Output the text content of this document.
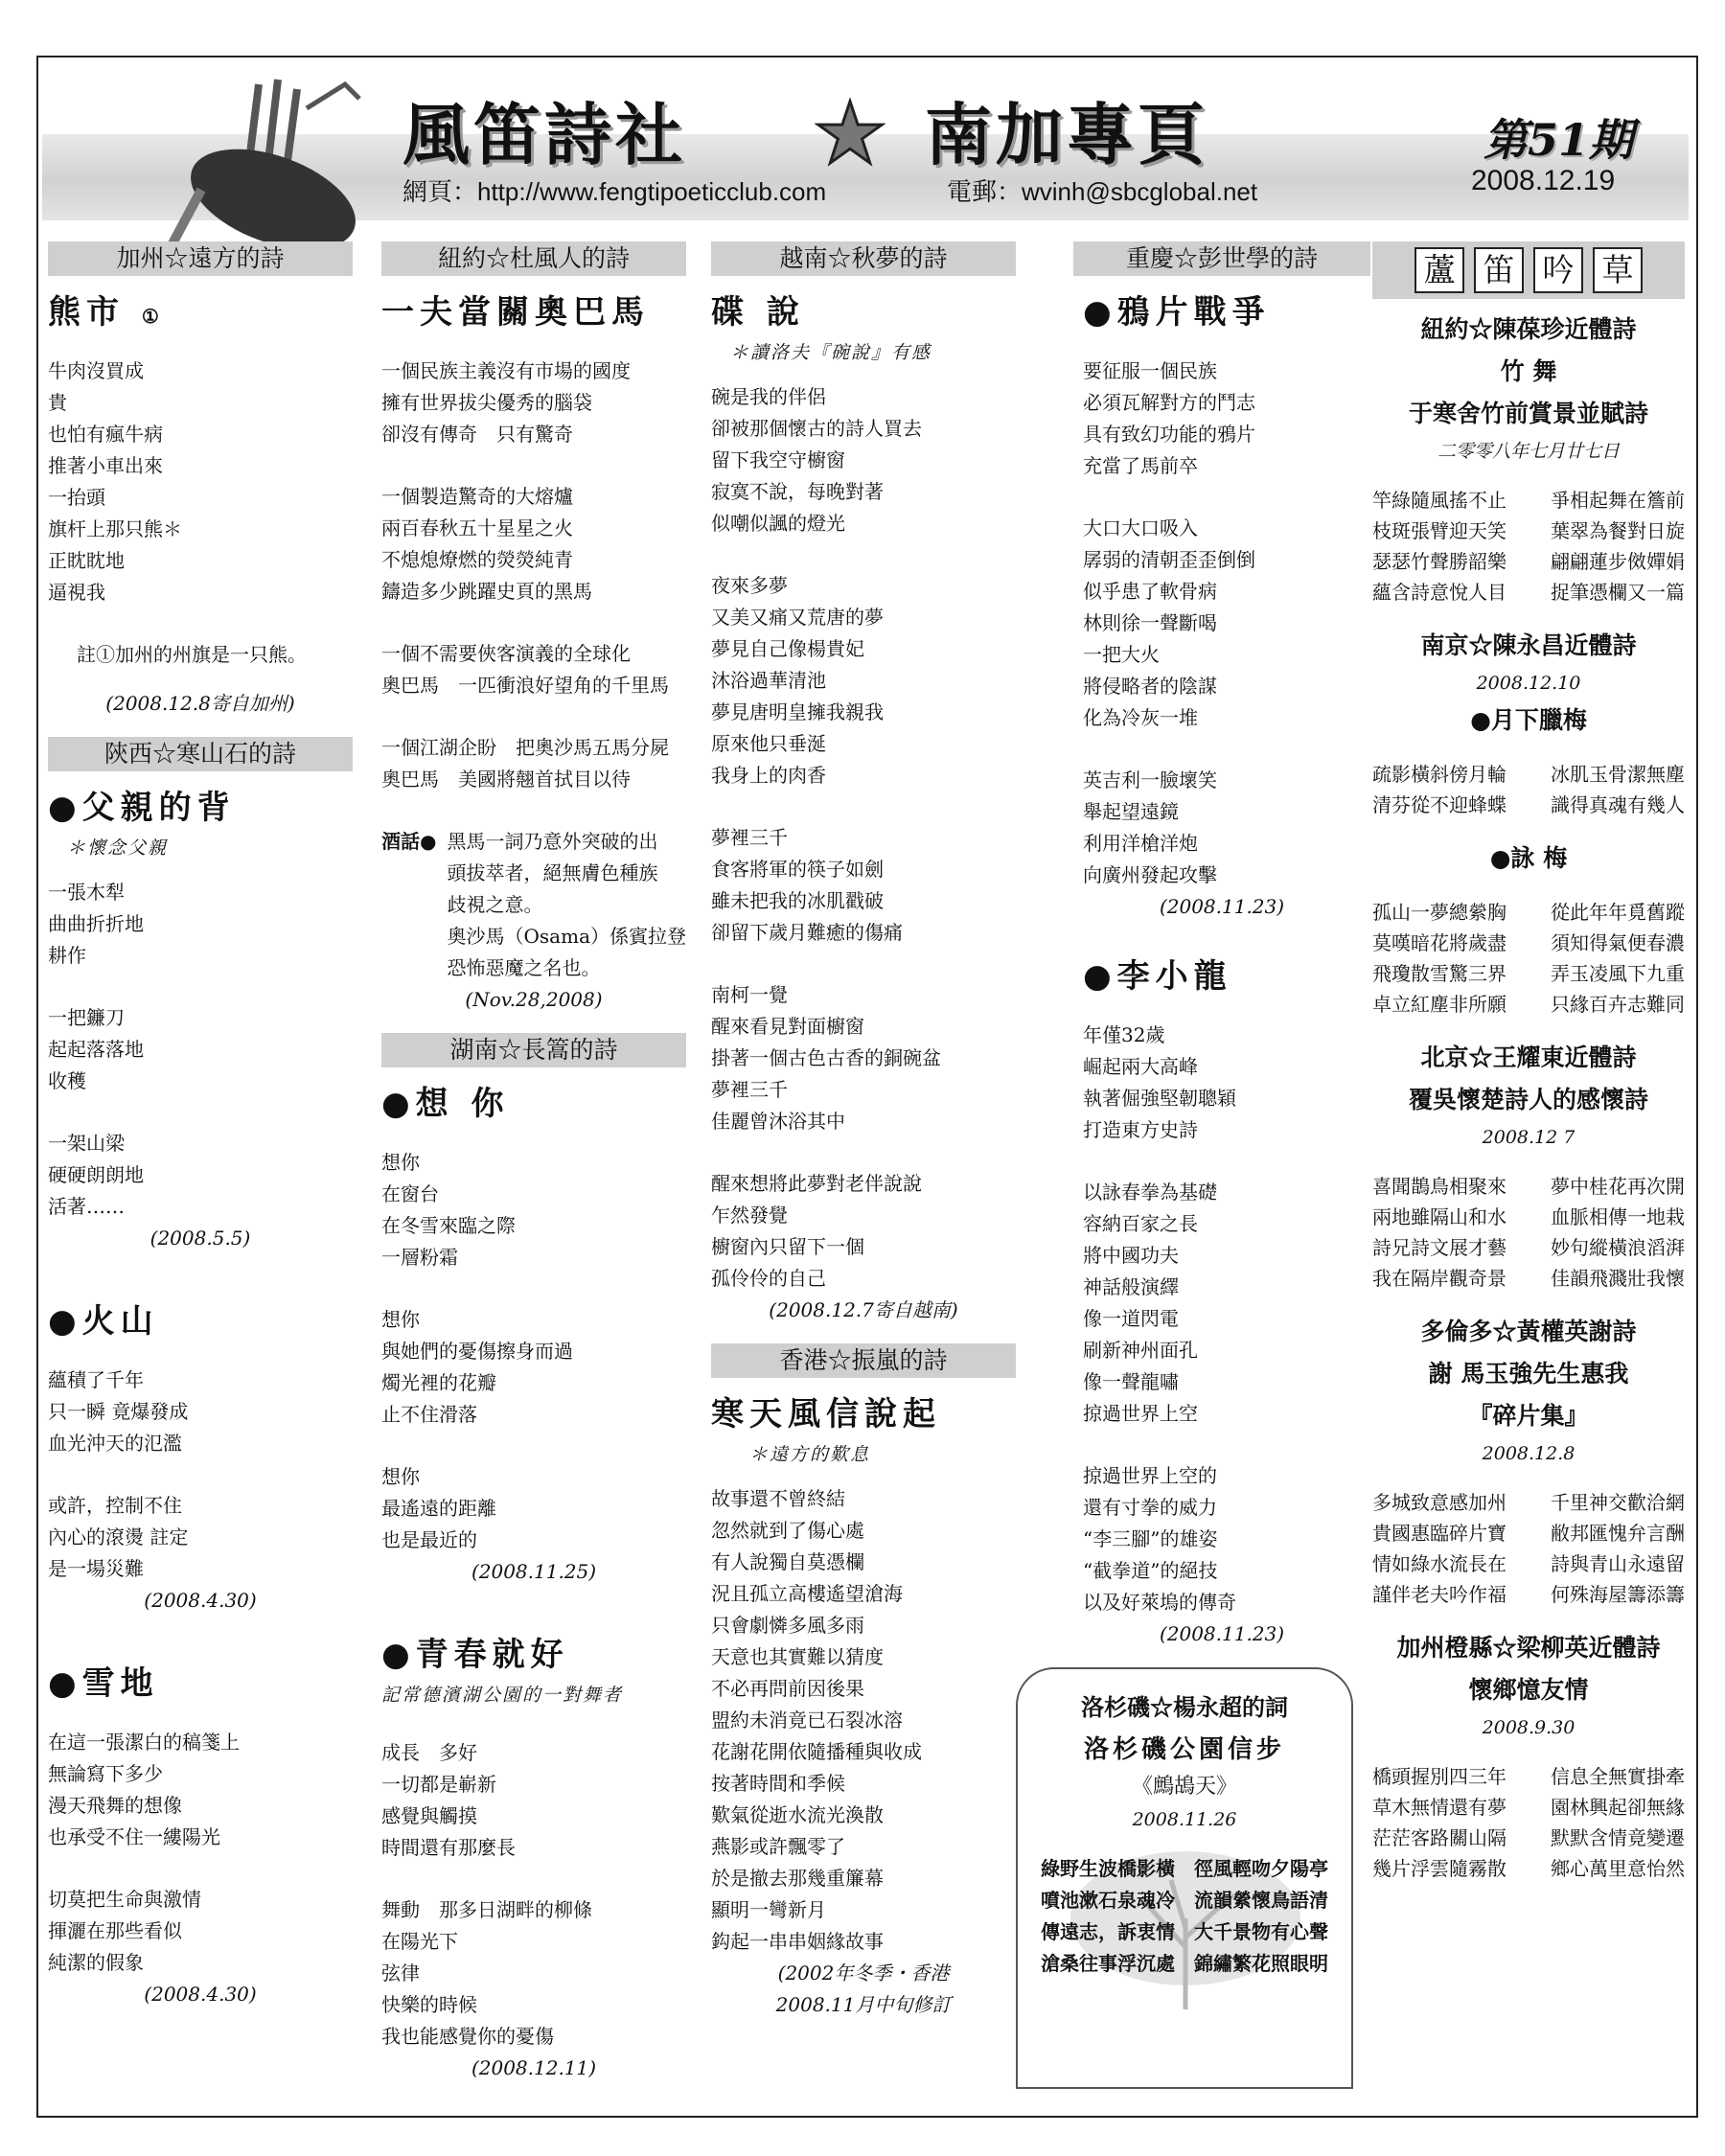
風笛詩社	南加專頁
網頁：http://www.fengtipoeticclub.com	電郵：wvinh@sbcglobal.net
第51期
2008.12.19
加州☆遠方的詩
熊市 ①
牛肉沒買成
貴
也怕有瘋牛病
推著小車出來
一抬頭
旗杆上那只熊＊
正眈眈地
逼視我
註①加州的州旗是一只熊。
(2008.12.8寄自加州)
陝西☆寒山石的詩
●父親的背
＊懷念父親
一張木犁
曲曲折折地
耕作
一把鐮刀
起起落落地
收穫
一架山梁
硬硬朗朗地
活著……
(2008.5.5)
●火山
蘊積了千年
只一瞬 竟爆發成
血光沖天的氾濫
或許，控制不住
內心的滾燙 註定
是一場災難
(2008.4.30)
●雪地
在這一張潔白的稿箋上
無論寫下多少
漫天飛舞的想像
也承受不住一縷陽光
切莫把生命與激情
揮灑在那些看似
純潔的假象
(2008.4.30)
紐約☆杜風人的詩
一夫當關奧巴馬
一個民族主義沒有市場的國度
擁有世界拔尖優秀的腦袋
卻沒有傳奇　只有驚奇
一個製造驚奇的大熔爐
兩百春秋五十星星之火
不熄熄燎燃的熒熒純青
鑄造多少跳躍史頁的黑馬
一個不需要俠客演義的全球化
奧巴馬　一匹衝浪好望角的千里馬
一個江湖企盼　把奧沙馬五馬分屍
奧巴馬　美國將翹首拭目以待
酒話● 黑馬一詞乃意外突破的出
頭拔萃者，絕無膚色種族
歧視之意。
奧沙馬（Osama）係賓拉登
恐怖惡魔之名也。
(Nov.28,2008)
湖南☆長篙的詩
●想 你
想你
在窗台
在冬雪來臨之際
一層粉霜
想你
與她們的憂傷擦身而過
燭光裡的花瓣
止不住滑落
想你
最遙遠的距離
也是最近的
(2008.11.25)
●青春就好
記常德濱湖公園的一對舞者
成長　多好
一切都是嶄新
感覺與觸摸
時間還有那麼長
舞動　那多日湖畔的柳條
在陽光下
弦律
快樂的時候
我也能感覺你的憂傷
(2008.12.11)
越南☆秋夢的詩
碟 說
＊讀洛夫『碗說』有感
碗是我的伴侶
卻被那個懷古的詩人買去
留下我空守櫥窗
寂寞不說，每晚對著
似嘲似諷的燈光
夜來多夢
又美又痛又荒唐的夢
夢見自己像楊貴妃
沐浴過華清池
夢見唐明皇擁我親我
原來他只垂涎
我身上的肉香
夢裡三千
食客將軍的筷子如劍
雖未把我的冰肌戳破
卻留下歲月難癒的傷痛
南柯一覺
醒來看見對面櫥窗
掛著一個古色古香的銅碗盆
夢裡三千
佳麗曾沐浴其中
醒來想將此夢對老伴說說
乍然發覺
櫥窗內只留下一個
孤伶伶的自己
(2008.12.7寄自越南)
香港☆振嵐的詩
寒天風信說起
＊遠方的歎息
故事還不曾終結
忽然就到了傷心處
有人說獨自莫憑欄
況且孤立高樓遙望滄海
只會劇憐多風多雨
天意也其實難以猜度
不必再問前因後果
盟約未消竟已石裂冰溶
花謝花開依隨播種與收成
按著時間和季候
歎氣從逝水流光渙散
燕影或許飄零了
於是撤去那幾重簾幕
顯明一彎新月
鈎起一串串姻緣故事
(2002年冬季・香港
2008.11月中旬修訂
重慶☆彭世學的詩
●鴉片戰爭
要征服一個民族
必須瓦解對方的鬥志
具有致幻功能的鴉片
充當了馬前卒
大口大口吸入
孱弱的清朝歪歪倒倒
似乎患了軟骨病
林則徐一聲斷喝
一把大火
將侵略者的陰謀
化為冷灰一堆
英吉利一臉壞笑
舉起望遠鏡
利用洋槍洋炮
向廣州發起攻擊
(2008.11.23)
●李小龍
年僅32歲
崛起兩大高峰
執著倔強堅韌聰穎
打造東方史詩
以詠春拳為基礎
容納百家之長
將中國功夫
神話般演繹
像一道閃電
刷新神州面孔
像一聲龍嘯
掠過世界上空
掠過世界上空的
還有寸拳的威力
“李三腳”的雄姿
“截拳道”的絕技
以及好萊塢的傳奇
(2008.11.23)
洛杉磯☆楊永超的詞
洛杉磯公園信步
《鷓鴣天》
2008.11.26
綠野生波橋影橫　徑風輕吻夕陽亭
噴池漱石泉魂冷　流韻縈懷鳥語清
傳遠志，訴衷情　大千景物有心聲
滄桑往事浮沉處　錦繡繁花照眼明
蘆 笛 吟 草
紐約☆陳葆珍近體詩
竹 舞
于寒舍竹前賞景並賦詩
二零零八年七月廿七日
竿綠隨風搖不止 爭相起舞在簷前
枝斑張臂迎天笑 葉翠為餐對日旋
瑟瑟竹聲勝韶樂 翩翩蓮步傚嬋娟
蘊含詩意悅人目 捉筆憑欄又一篇
南京☆陳永昌近體詩
2008.12.10
●月下臘梅
疏影橫斜傍月輪 冰肌玉骨潔無塵
清芬從不迎蜂蝶 識得真魂有幾人
●詠 梅
孤山一夢總縈胸 從此年年覓舊蹤
莫嘆暗花將歲盡 須知得氣便春濃
飛瓊散雪驚三界 弄玉凌風下九重
卓立紅塵非所願 只緣百卉志難同
北京☆王耀東近體詩
覆吳懷楚詩人的感懷詩
2008.12 7
喜聞鵲鳥相聚來 夢中桂花再次開
兩地雖隔山和水 血脈相傳一地栽
詩兄詩文展才藝 妙句縱橫浪滔湃
我在隔岸觀奇景 佳韻飛濺壯我懷
多倫多☆黃權英謝詩
謝 馬玉強先生惠我
『碎片集』
2008.12.8
多城致意感加州 千里神交歡洽網
貴國惠臨碎片寶 敝邦匯愧弁言酬
情如綠水流長在 詩與青山永遠留
謹伴老夫吟作福 何殊海屋籌添籌
加州橙縣☆梁柳英近體詩
懷鄉憶友情
2008.9.30
橋頭握別四三年 信息全無實掛牽
草木無情還有夢 園林興起卻無緣
茫茫客路關山隔 默默含情竟變遷
幾片浮雲隨霧散 鄉心萬里意怡然
